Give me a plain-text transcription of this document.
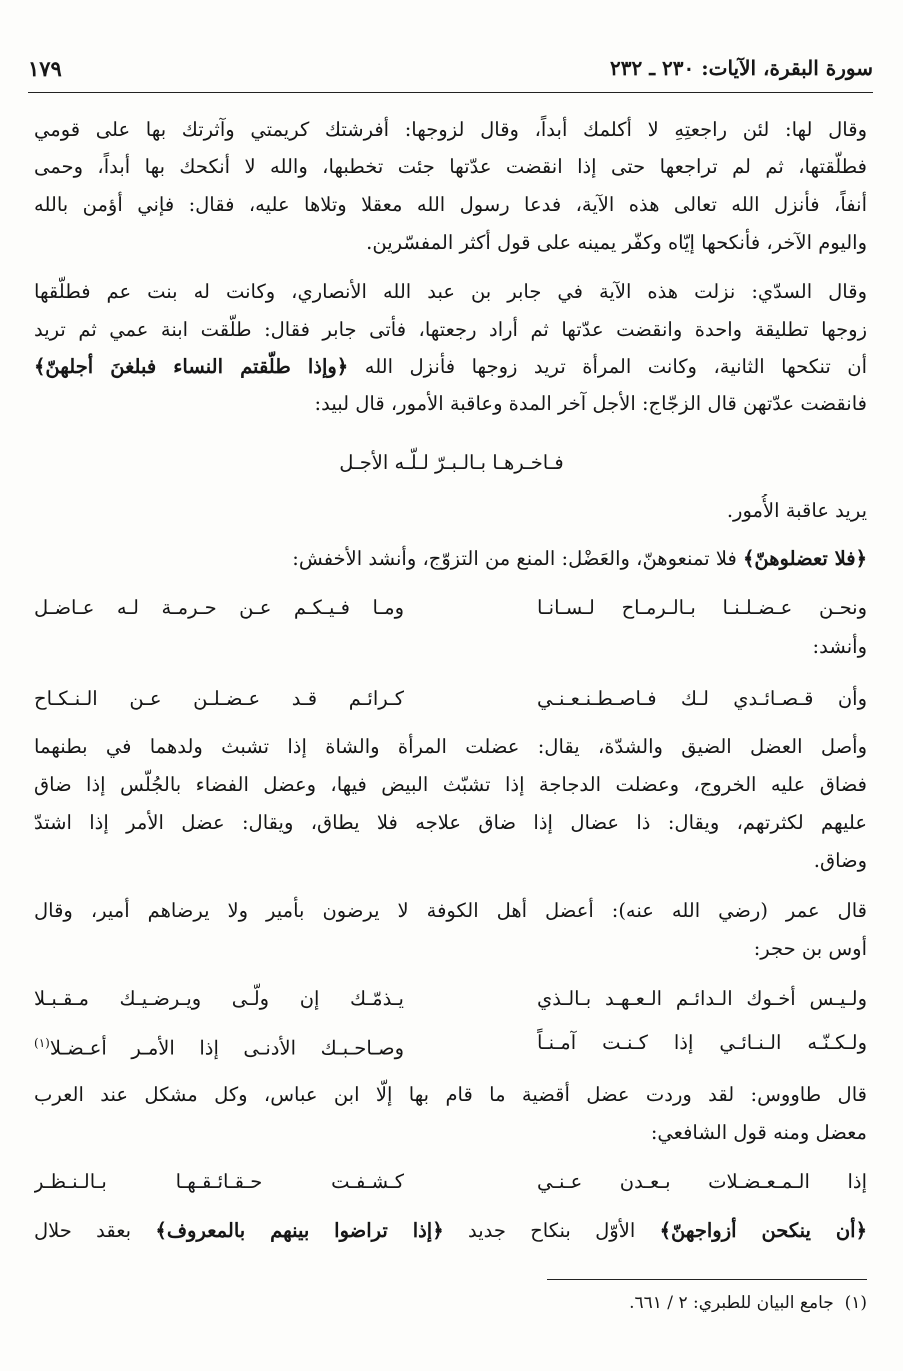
سورة البقرة، الآيات: ٢٣٠ ـ ٢٣٢
١٧٩
وقال لها: لئن راجعتِهِ لا أكلمك أبداً، وقال لزوجها: أفرشتك كريمتي وآثرتك بها على قومي
فطلّقتها، ثم لم تراجعها حتى إذا انقضت عدّتها جئت تخطبها، والله لا أنكحك بها أبداً، وحمى
أنفاً، فأنزل الله تعالى هذه الآية، فدعا رسول الله معقلا وتلاها عليه، فقال: فإني أؤمن بالله
واليوم الآخر، فأنكحها إيّاه وكفّر يمينه على قول أكثر المفسّرين.
وقال السدّي: نزلت هذه الآية في جابر بن عبد الله الأنصاري، وكانت له بنت عم فطلّقها
زوجها تطليقة واحدة وانقضت عدّتها ثم أراد رجعتها، فأتى جابر فقال: طلّقت ابنة عمي ثم تريد
أن تنكحها الثانية، وكانت المرأة تريد زوجها فأنزل الله ﴿وإذا طلّقتم النساء فبلغنَ أجلهنّ﴾
فانقضت عدّتهن قال الزجّاج: الأجل آخر المدة وعاقبة الأمور، قال لبيد:
فـاخـرهـا بـالـبـرّ لـلّـه الأجـل
يريد عاقبة الأُمور.
﴿فلا تعضلوهنّ﴾ فلا تمنعوهنّ، والعَضْل: المنع من التزوّج، وأنشد الأخفش:
ونحـن عـضـلـنـا بـالـرمـاح لـسـانـا
ومـا فـيـكـم عـن حـرمـة لـه عـاضـل
وأنشد:
وأن قـصـائـدي لـك فـاصـطـنـعـنـي
كـرائـم قـد عـضـلـن عـن الـنـكـاح
وأصل العضل الضيق والشدّة، يقال: عضلت المرأة والشاة إذا تشبث ولدهما في بطنهما
فضاق عليه الخروج، وعضلت الدجاجة إذا تشبّث البيض فيها، وعضل الفضاء بالجُلّس إذا ضاق
عليهم لكثرتهم، ويقال: ذا عضال إذا ضاق علاجه فلا يطاق، ويقال: عضل الأمر إذا اشتدّ
وضاق.
قال عمر (رضي الله عنه): أعضل أهل الكوفة لا يرضون بأمير ولا يرضاهم أمير، وقال
أوس بن حجر:
ولـيـس أخـوك الـدائـم الـعـهـد بـالـذي
يـذمّـك إن ولّـى ويـرضـيـك مـقـبـلا
ولـكـنّـه الـنـائـي إذا كـنـت آمـنـاً
وصـاحـبـك الأدنـى إذا الأمـر أعـضـلا$^{(١)}$
قال طاووس: لقد وردت عضل أقضية ما قام بها إلّا ابن عباس، وكل مشكل عند العرب
معضل ومنه قول الشافعي:
إذا الـمـعـضـلات بـعـدن عـنـي
كـشـفـت حـقـائـقـهـا بـالـنـظـر
﴿أن ينكحن أزواجهنّ﴾ الأوّل بنكاح جديد ﴿إذا تراضوا بينهم بالمعروف﴾ بعقد حلال
(١)  جامع البيان للطبري: ٢ / ٦٦١.
